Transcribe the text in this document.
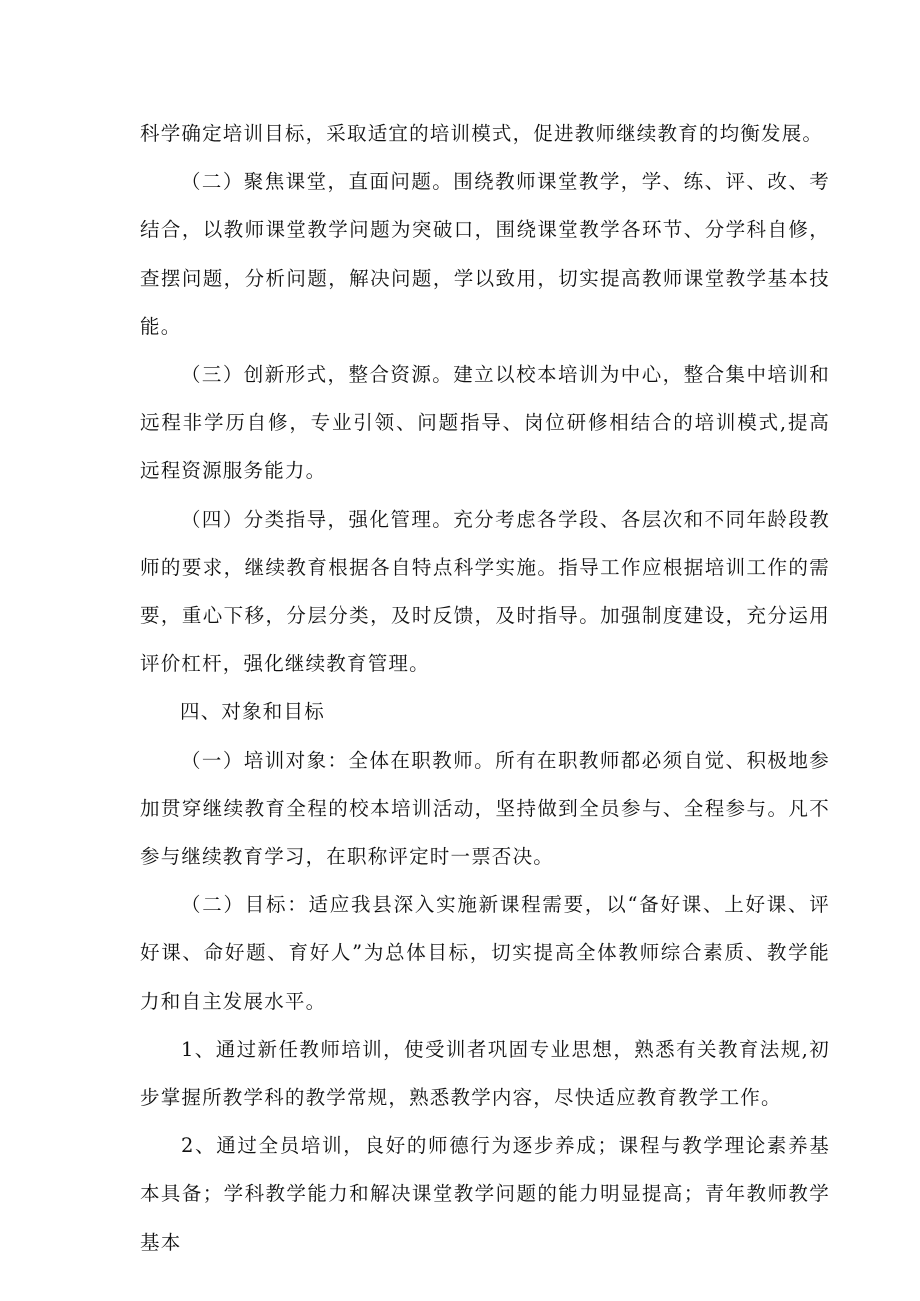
科学确定培训目标，采取适宜的培训模式，促进教师继续教育的均衡发展。

（二）聚焦课堂，直面问题。围绕教师课堂教学，学、练、评、改、考结合，以教师课堂教学问题为突破口，围绕课堂教学各环节、分学科自修，查摆问题，分析问题，解决问题，学以致用，切实提高教师课堂教学基本技能。

（三）创新形式，整合资源。建立以校本培训为中心，整合集中培训和远程非学历自修，专业引领、问题指导、岗位研修相结合的培训模式,提高远程资源服务能力。

（四）分类指导，强化管理。充分考虑各学段、各层次和不同年龄段教师的要求，继续教育根据各自特点科学实施。指导工作应根据培训工作的需要，重心下移，分层分类，及时反馈，及时指导。加强制度建设，充分运用评价杠杆，强化继续教育管理。

四、对象和目标

（一）培训对象：全体在职教师。所有在职教师都必须自觉、积极地参加贯穿继续教育全程的校本培训活动，坚持做到全员参与、全程参与。凡不参与继续教育学习，在职称评定时一票否决。

（二）目标：适应我县深入实施新课程需要，以“备好课、上好课、评好课、命好题、育好人”为总体目标，切实提高全体教师综合素质、教学能力和自主发展水平。

1、通过新任教师培训，使受训者巩固专业思想，熟悉有关教育法规,初步掌握所教学科的教学常规，熟悉教学内容，尽快适应教育教学工作。

2、通过全员培训，良好的师德行为逐步养成；课程与教学理论素养基本具备；学科教学能力和解决课堂教学问题的能力明显提高；青年教师教学基本
